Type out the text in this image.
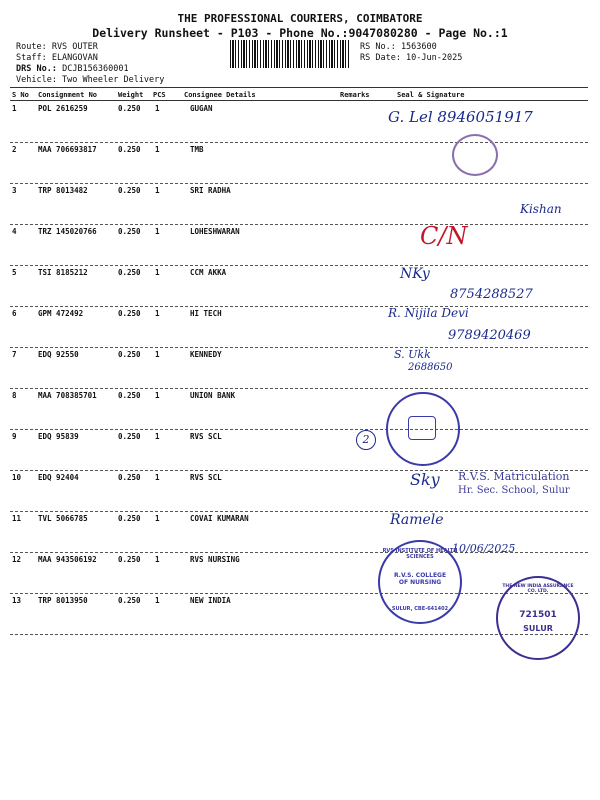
THE PROFESSIONAL COURIERS, COIMBATORE
Delivery Runsheet - P103 - Phone No.:9047080280 - Page No.:1
Route: RVS OUTER
Staff: ELANGOVAN
DRS No.: DCJB156360001
Vehicle: Two Wheeler Delivery
RS No.: 1563600
RS Date: 10-Jun-2025
S No Consignment No	Weight PCS	Consignee Details	Remarks	Seal & Signature
1	POL 2616259	0.250 1	GUGAN
2	MAA 706693817	0.250 1	TMB
3	TRP 8013482	0.250 1	SRI RADHA
4	TRZ 145020766	0.250 1	LOHESHWARAN
5	TSI 8185212	0.250 1	CCM AKKA
6	GPM 472492	0.250 1	HI TECH
7	EDQ 92550	0.250 1	KENNEDY
8	MAA 708385701	0.250 1	UNION BANK
9	EDQ 95839	0.250 1	RVS SCL
10 EDQ 92404	0.250 1	RVS SCL
11 TVL 5066785	0.250 1	COVAI KUMARAN
12 MAA 943506192	0.250 1	RVS NURSING
13 TRP 8013950	0.250 1	NEW INDIA
G. Lel 8946051917
Kishan
C/N
NKy
8754288527
R. Nijila Devi
9789420469
S. Ukk
2688650
2
Sky R.V.S. Matriculation
Hr. Sec. School, Sulur
Ramele
10/06/2025
RVS INSTITUTE OF HEALTH SCIENCES
R.V.S. COLLEGE OF NURSING
SULUR, CBE-641402
THE NEW INDIA ASSURANCE CO. LTD.
721501
SULUR
